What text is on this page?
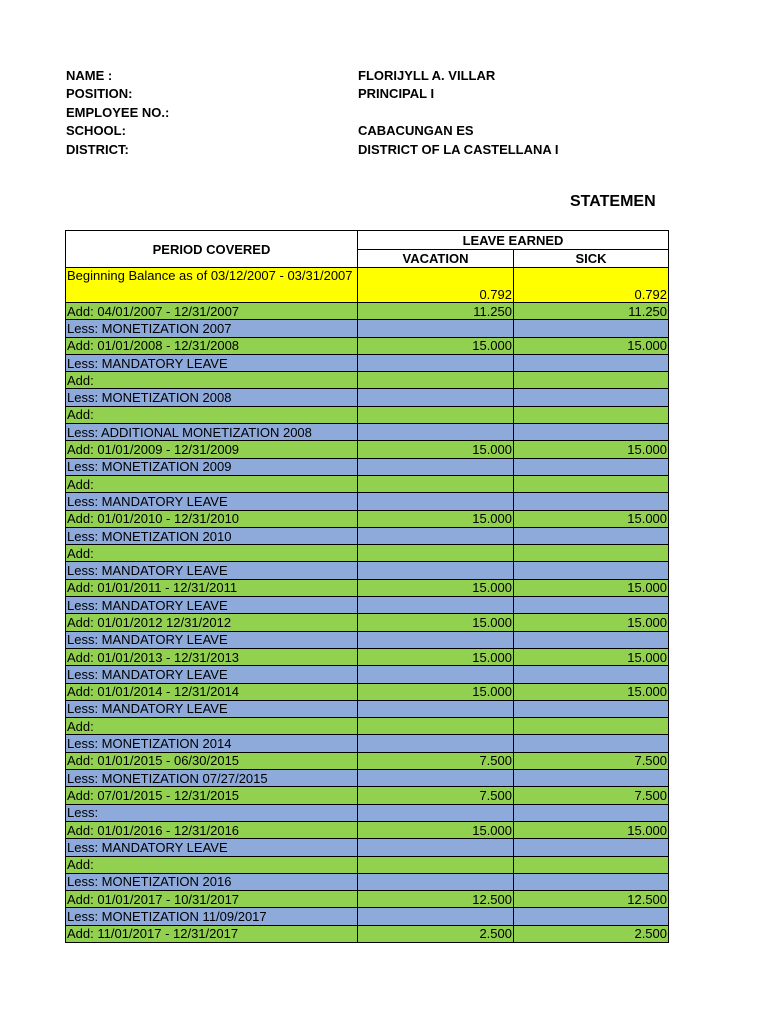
NAME :	FLORIJYLL A. VILLAR
POSITION:	PRINCIPAL I
EMPLOYEE NO.:
SCHOOL:	CABACUNGAN ES
DISTRICT:	DISTRICT OF LA CASTELLANA I
STATEMEN
PERIOD COVERED	LEAVE EARNED	
	VACATION	SICK
Beginning Balance as of 03/12/2007 - 03/31/2007	0.792	0.792
Add: 04/01/2007 - 12/31/2007	11.250	11.250
Less: MONETIZATION 2007		
Add: 01/01/2008 - 12/31/2008	15.000	15.000
Less: MANDATORY LEAVE		
Add:		
Less: MONETIZATION 2008		
Add:		
Less: ADDITIONAL MONETIZATION 2008		
Add: 01/01/2009 - 12/31/2009	15.000	15.000
Less: MONETIZATION 2009		
Add:		
Less: MANDATORY LEAVE		
Add: 01/01/2010 - 12/31/2010	15.000	15.000
Less: MONETIZATION 2010		
Add:		
Less: MANDATORY LEAVE		
Add: 01/01/2011 - 12/31/2011	15.000	15.000
Less: MANDATORY LEAVE		
Add: 01/01/2012 12/31/2012	15.000	15.000
Less: MANDATORY LEAVE		
Add: 01/01/2013 - 12/31/2013	15.000	15.000
Less: MANDATORY LEAVE		
Add: 01/01/2014 - 12/31/2014	15.000	15.000
Less: MANDATORY LEAVE		
Add:		
Less: MONETIZATION 2014		
Add: 01/01/2015 - 06/30/2015	7.500	7.500
Less: MONETIZATION 07/27/2015		
Add: 07/01/2015 - 12/31/2015	7.500	7.500
Less:		
Add: 01/01/2016 - 12/31/2016	15.000	15.000
Less: MANDATORY LEAVE		
Add:		
Less: MONETIZATION 2016		
Add: 01/01/2017 - 10/31/2017	12.500	12.500
Less: MONETIZATION 11/09/2017		
Add: 11/01/2017 - 12/31/2017	2.500	2.500
